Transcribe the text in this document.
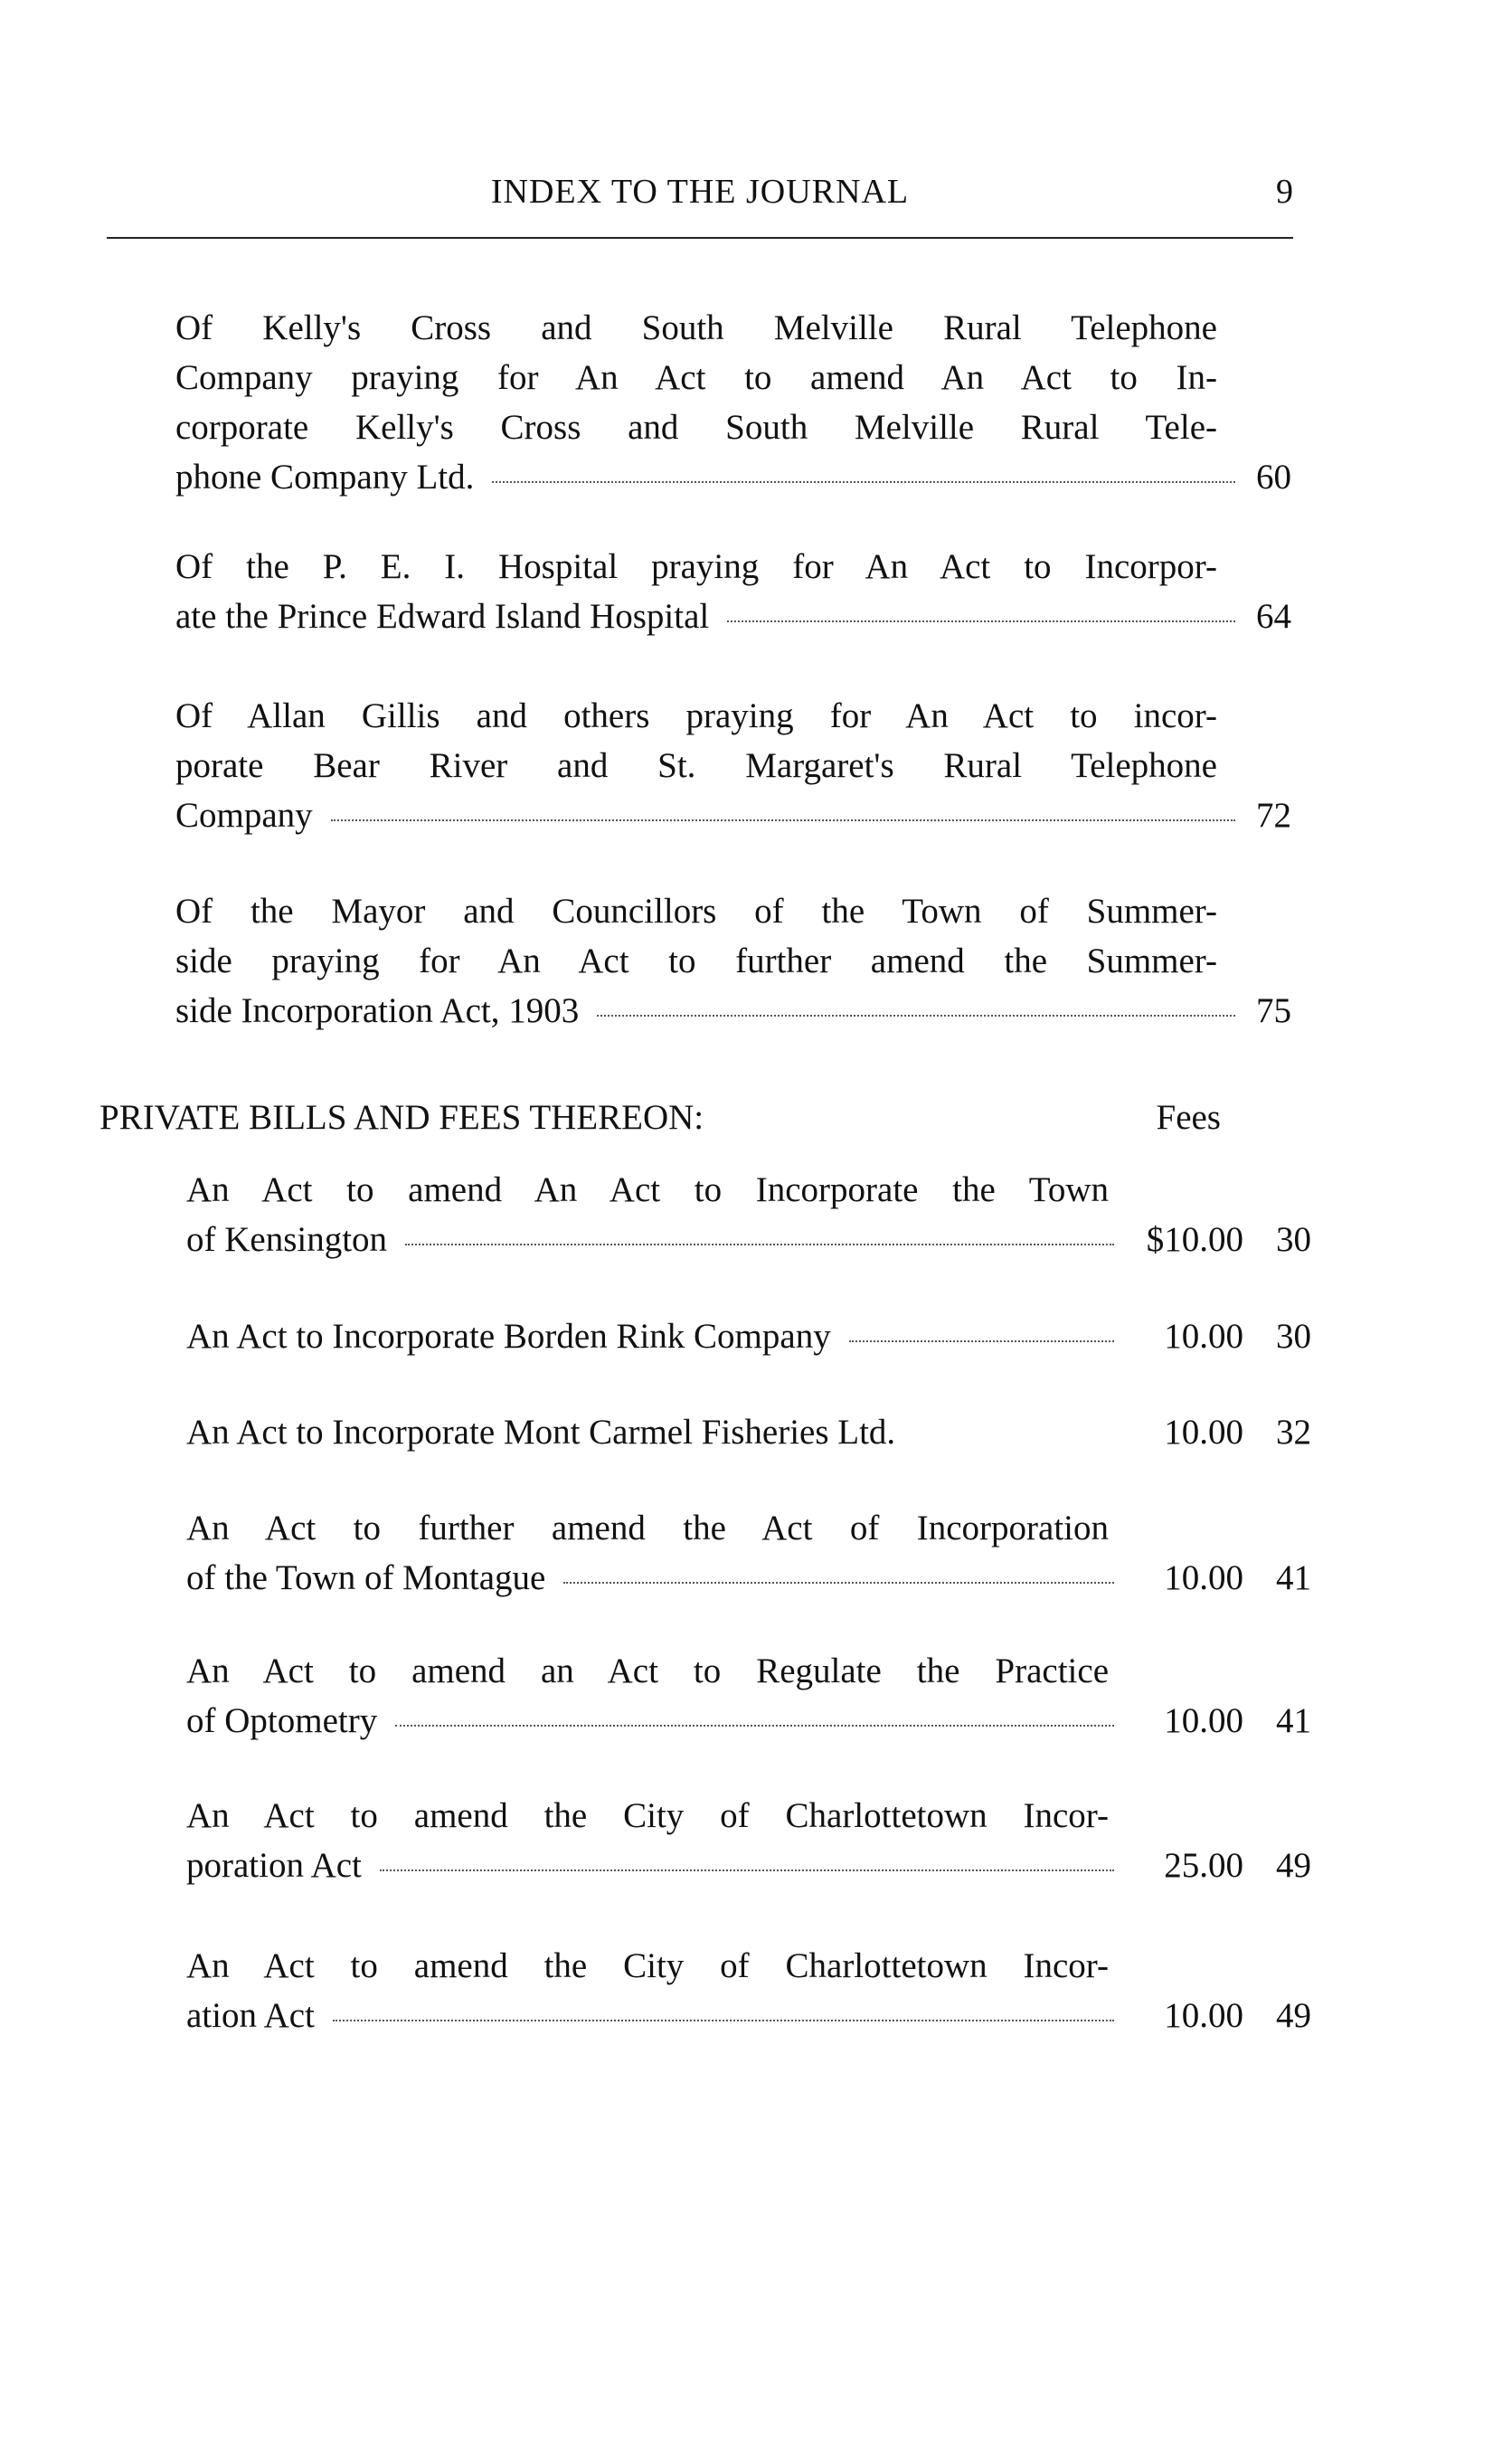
INDEX TO THE JOURNAL	9
Of Kelly's Cross and South Melville Rural Telephone
Company praying for An Act to amend An Act to In-
corporate Kelly's Cross and South Melville Rural Tele-
phone Company Ltd.	60
Of the P. E. I. Hospital praying for An Act to Incorpor-
ate the Prince Edward Island Hospital	64
Of Allan Gillis and others praying for An Act to incor-
porate Bear River and St. Margaret's Rural Telephone
Company	72
Of the Mayor and Councillors of the Town of Summer-
side praying for An Act to further amend the Summer-
side Incorporation Act, 1903	75
PRIVATE BILLS AND FEES THEREON:	Fees
An Act to amend An Act to Incorporate the Town
of Kensington	$10.00 30
An Act to Incorporate Borden Rink Company	10.00 30
An Act to Incorporate Mont Carmel Fisheries Ltd.	10.00 32
An Act to further amend the Act of Incorporation
of the Town of Montague	10.00 41
An Act to amend an Act to Regulate the Practice
of Optometry	10.00 41
An Act to amend the City of Charlottetown Incor-
poration Act	25.00 49
An Act to amend the City of Charlottetown Incor-
ation Act	10.00 49
